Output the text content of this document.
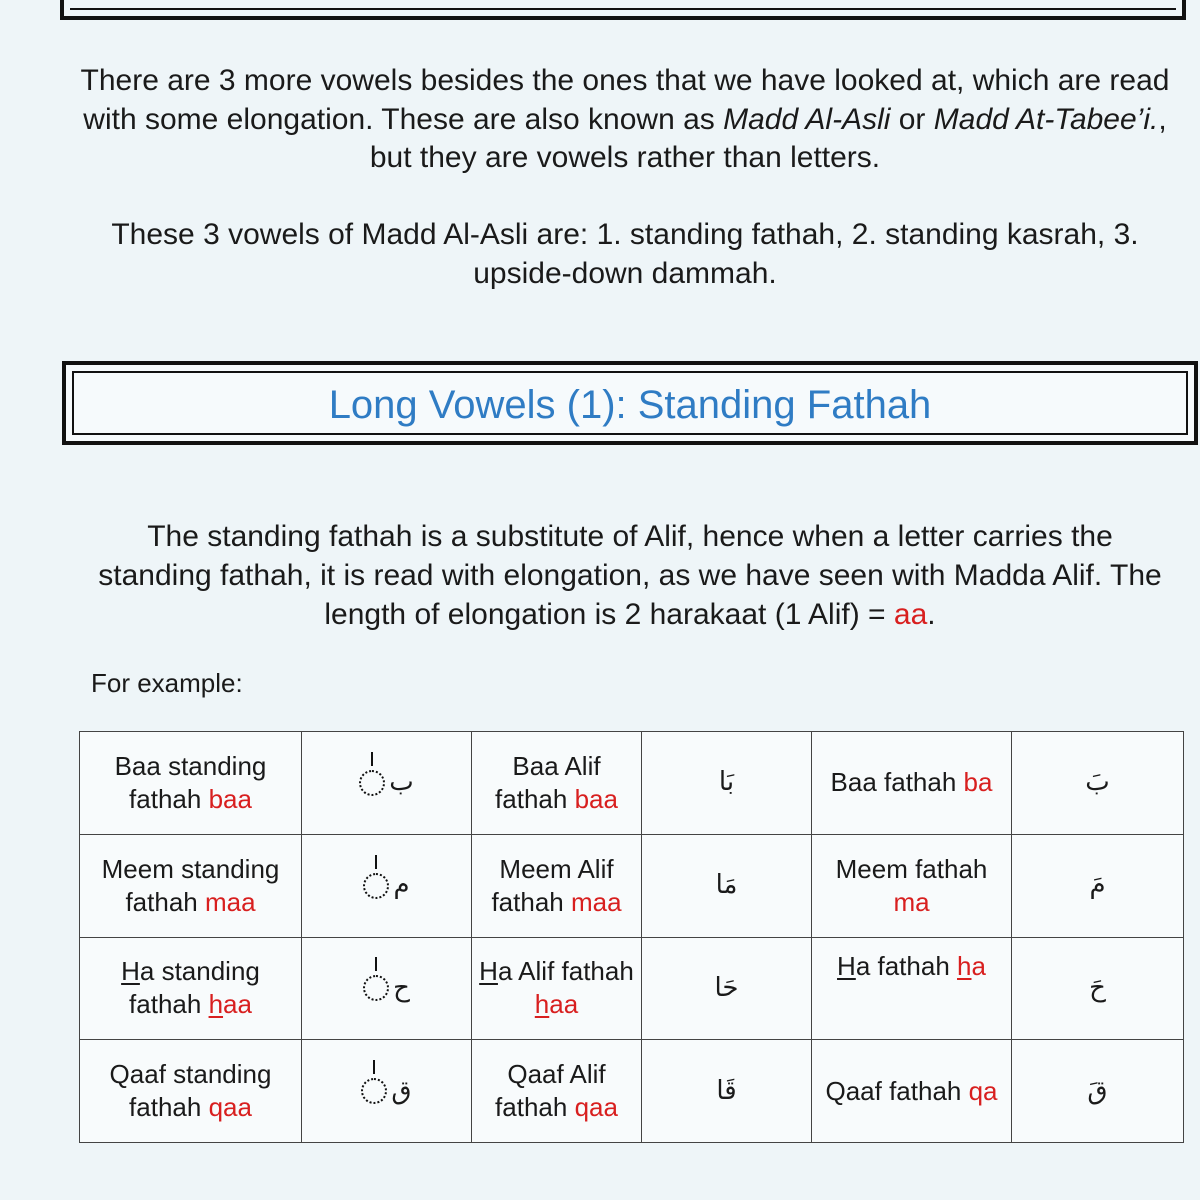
There are 3 more vowels besides the ones that we have looked at, which are read with some elongation. These are also known as Madd Al-Asli or Madd At-Tabee’i., but they are vowels rather than letters.

These 3 vowels of Madd Al-Asli are: 1. standing fathah, 2. standing kasrah, 3. upside-down dammah.

Long Vowels (1): Standing Fathah

The standing fathah is a substitute of Alif, hence when a letter carries the standing fathah, it is read with elongation, as we have seen with Madda Alif. The length of elongation is 2 harakaat (1 Alif) = aa.

For example:
Baa standing fathah baa	ب	Baa Alif fathah baa	بَا	Baa fathah ba	بَ
Meem standing fathah maa	م	Meem Alif fathah maa	مَا	Meem fathah ma	مَ
Ha standing fathah haa	ح	Ha Alif fathah haa	حَا	Ha fathah ha	حَ
Qaaf standing fathah qaa	ق	Qaaf Alif fathah qaa	قَا	Qaaf fathah qa	قَ
